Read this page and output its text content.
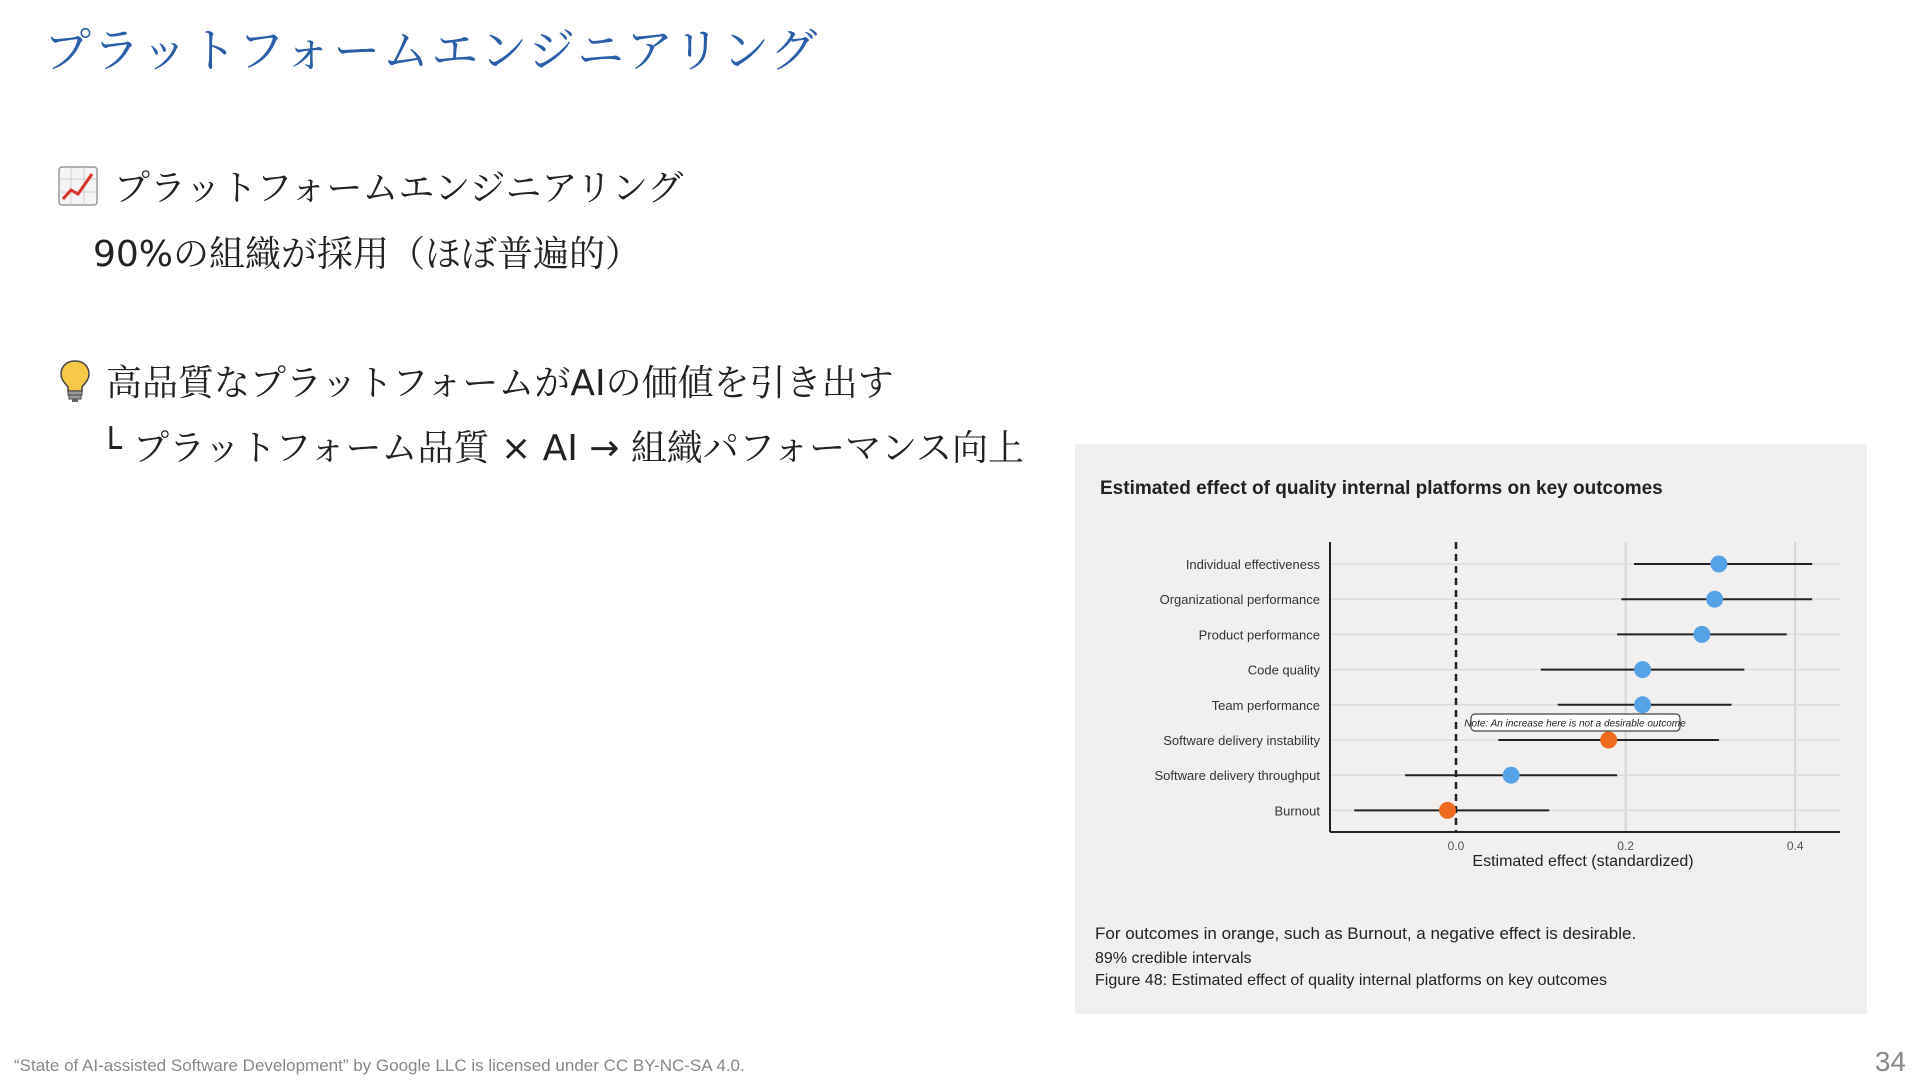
プラットフォームエンジニアリング
プラットフォームエンジニアリング
90%の組織が採用（ほぼ普遍的）
高品質なプラットフォームがAIの価値を引き出す
└ プラットフォーム品質 × AI → 組織パフォーマンス向上
Estimated effect of quality internal platforms on key outcomes
0.0	0.2	0.4
Individual effectiveness
Organizational performance
Product performance
Code quality
Team performance
Software delivery instability
Software delivery throughput
Burnout
Note: An increase here is not a desirable outcome
Estimated effect (standardized)
For outcomes in orange, such as Burnout, a negative effect is desirable.
89% credible intervals
Figure 48: Estimated effect of quality internal platforms on key outcomes
“State of AI-assisted Software Development” by Google LLC is licensed under CC BY-NC-SA 4.0.	34
